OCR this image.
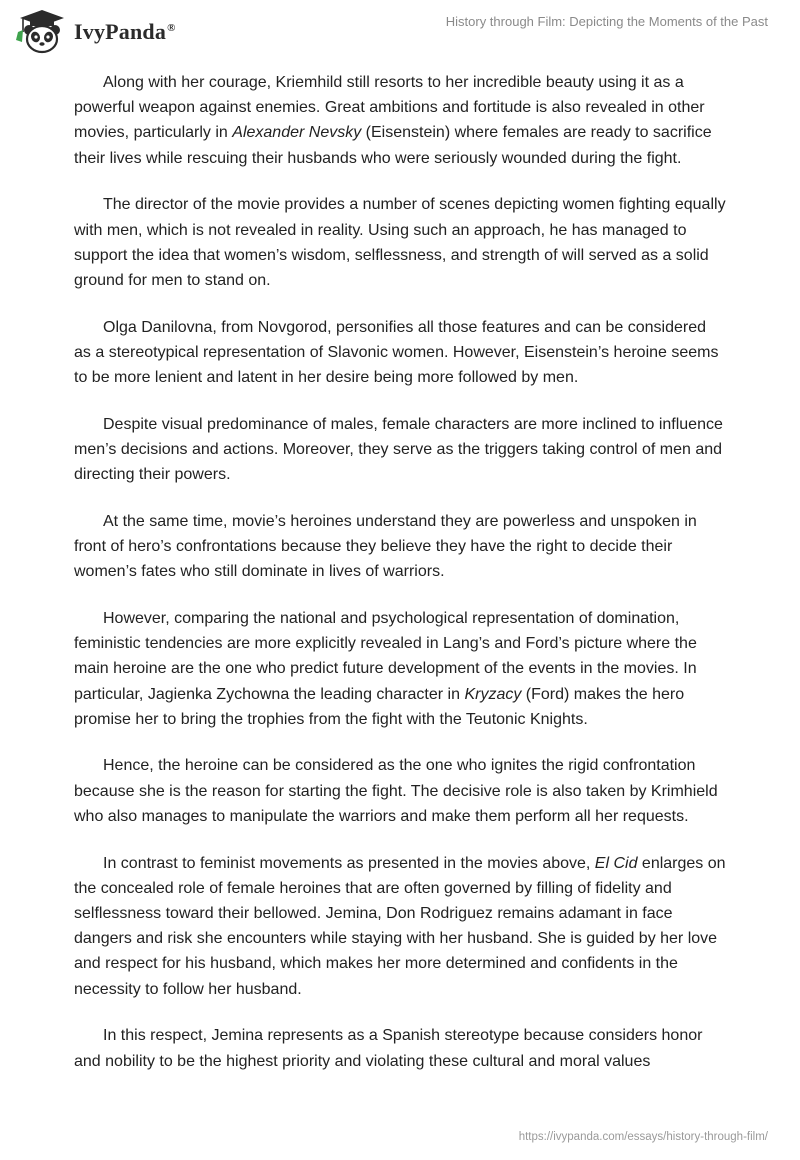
IvyPanda®	History through Film: Depicting the Moments of the Past

Along with her courage, Kriemhild still resorts to her incredible beauty using it as a powerful weapon against enemies. Great ambitions and fortitude is also revealed in other movies, particularly in Alexander Nevsky (Eisenstein) where females are ready to sacrifice their lives while rescuing their husbands who were seriously wounded during the fight.

The director of the movie provides a number of scenes depicting women fighting equally with men, which is not revealed in reality. Using such an approach, he has managed to support the idea that women’s wisdom, selflessness, and strength of will served as a solid ground for men to stand on.

Olga Danilovna, from Novgorod, personifies all those features and can be considered as a stereotypical representation of Slavonic women. However, Eisenstein’s heroine seems to be more lenient and latent in her desire being more followed by men.

Despite visual predominance of males, female characters are more inclined to influence men’s decisions and actions. Moreover, they serve as the triggers taking control of men and directing their powers.

At the same time, movie’s heroines understand they are powerless and unspoken in front of hero’s confrontations because they believe they have the right to decide their women’s fates who still dominate in lives of warriors.

However, comparing the national and psychological representation of domination, feministic tendencies are more explicitly revealed in Lang’s and Ford’s picture where the main heroine are the one who predict future development of the events in the movies. In particular, Jagienka Zychowna the leading character in Kryzacy (Ford) makes the hero promise her to bring the trophies from the fight with the Teutonic Knights.

Hence, the heroine can be considered as the one who ignites the rigid confrontation because she is the reason for starting the fight. The decisive role is also taken by Krimhield who also manages to manipulate the warriors and make them perform all her requests.

In contrast to feminist movements as presented in the movies above, El Cid enlarges on the concealed role of female heroines that are often governed by filling of fidelity and selflessness toward their bellowed. Jemina, Don Rodriguez remains adamant in face dangers and risk she encounters while staying with her husband. She is guided by her love and respect for his husband, which makes her more determined and confidents in the necessity to follow her husband.

In this respect, Jemina represents as a Spanish stereotype because considers honor and nobility to be the highest priority and violating these cultural and moral values

https://ivypanda.com/essays/history-through-film/
